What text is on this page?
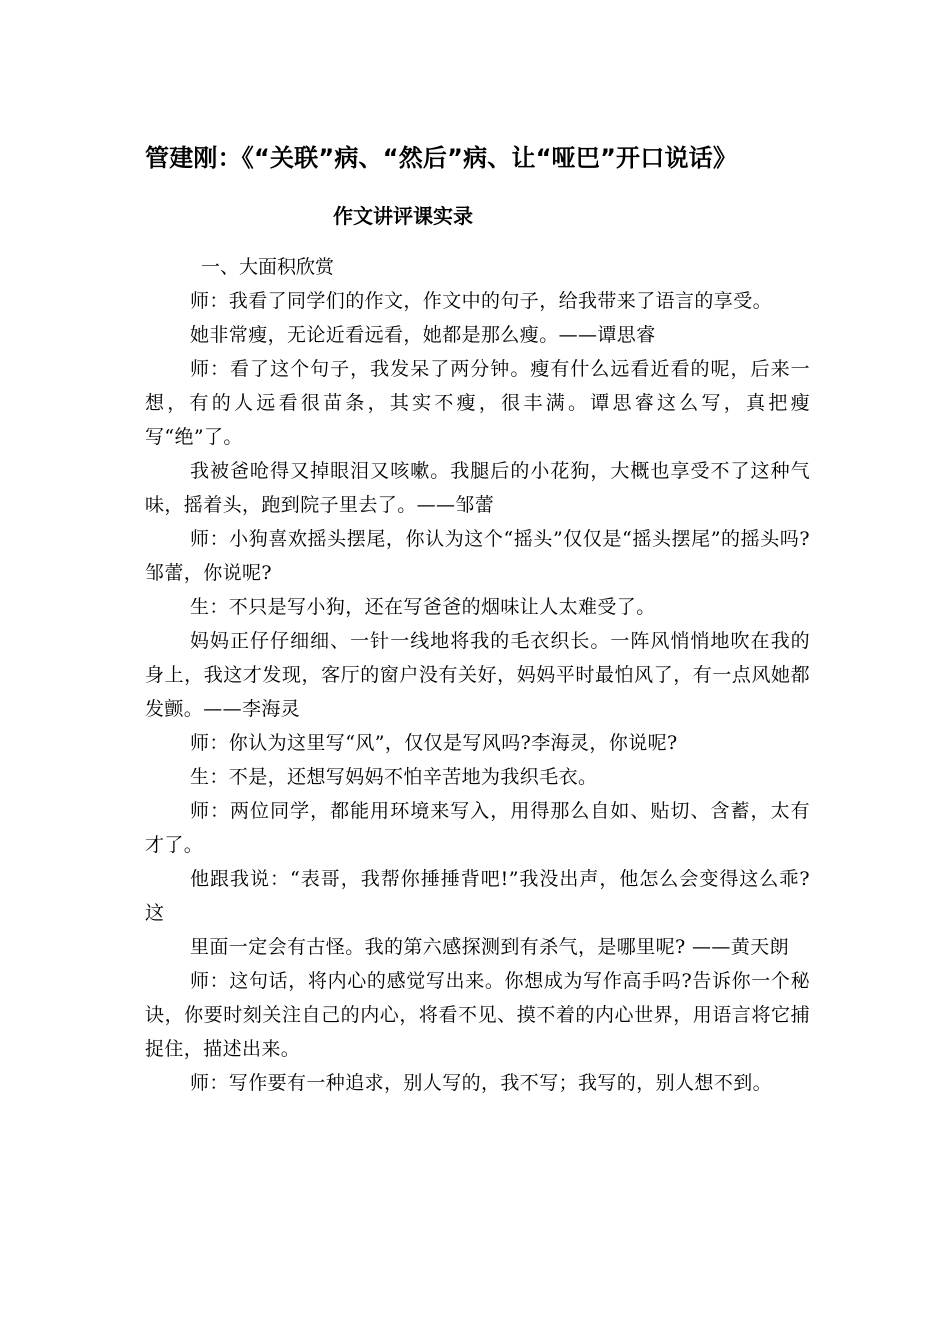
管建刚：《“关联”病、“然后”病、让“哑巴”开口说话》
作文讲评课实录
一、大面积欣赏

师：我看了同学们的作文，作文中的句子，给我带来了语言的享受。

她非常瘦，无论近看远看，她都是那么瘦。——谭思睿

师：看了这个句子，我发呆了两分钟。瘦有什么远看近看的呢，后来一想，有的人远看很苗条，其实不瘦，很丰满。谭思睿这么写，真把瘦写“绝”了。

我被爸呛得又掉眼泪又咳嗽。我腿后的小花狗，大概也享受不了这种气味，摇着头，跑到院子里去了。——邹蕾

师：小狗喜欢摇头摆尾，你认为这个“摇头”仅仅是“摇头摆尾”的摇头吗?邹蕾，你说呢?

生：不只是写小狗，还在写爸爸的烟味让人太难受了。

妈妈正仔仔细细、一针一线地将我的毛衣织长。一阵风悄悄地吹在我的身上，我这才发现，客厅的窗户没有关好，妈妈平时最怕风了，有一点风她都发颤。——李海灵

师：你认为这里写“风”，仅仅是写风吗?李海灵，你说呢?

生：不是，还想写妈妈不怕辛苦地为我织毛衣。

师：两位同学，都能用环境来写入，用得那么自如、贴切、含蓄，太有才了。

他跟我说：“表哥，我帮你捶捶背吧!”我没出声，他怎么会变得这么乖?这

里面一定会有古怪。我的第六感探测到有杀气，是哪里呢? ——黄天朗

师：这句话，将内心的感觉写出来。你想成为写作高手吗?告诉你一个秘诀，你要时刻关注自己的内心，将看不见、摸不着的内心世界，用语言将它捕捉住，描述出来。

师：写作要有一种追求，别人写的，我不写；我写的，别人想不到。
